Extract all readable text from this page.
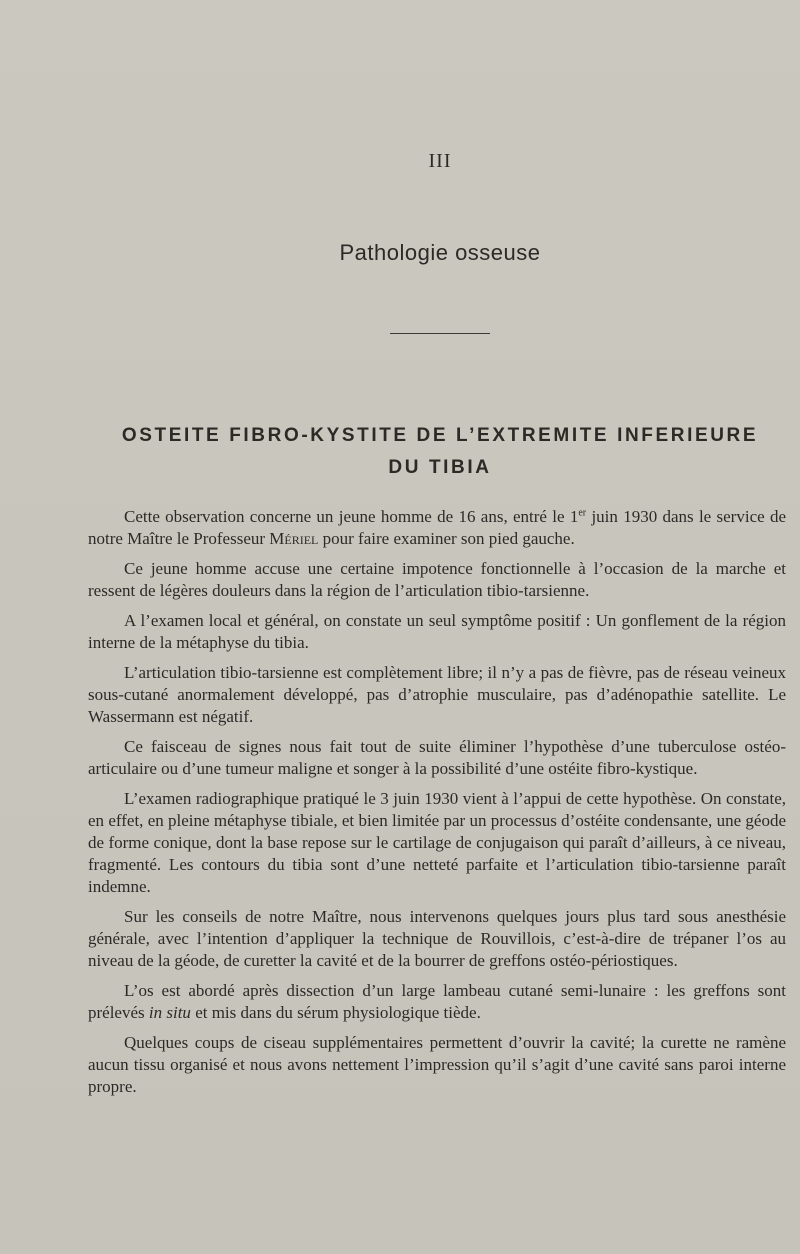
III
Pathologie osseuse
OSTEITE FIBRO-KYSTITE DE L’EXTREMITE INFERIEURE
DU TIBIA

Cette observation concerne un jeune homme de 16 ans, entré le 1er juin 1930 dans le service de notre Maître le Professeur Mériel pour faire examiner son pied gauche.

Ce jeune homme accuse une certaine impotence fonctionnelle à l’occasion de la marche et ressent de légères douleurs dans la région de l’articulation tibio-tarsienne.

A l’examen local et général, on constate un seul symptôme positif : Un gonflement de la région interne de la métaphyse du tibia.

L’articulation tibio-tarsienne est complètement libre; il n’y a pas de fièvre, pas de réseau veineux sous-cutané anormalement développé, pas d’atrophie musculaire, pas d’adénopathie satellite. Le Wassermann est négatif.

Ce faisceau de signes nous fait tout de suite éliminer l’hypothèse d’une tuberculose ostéo-articulaire ou d’une tumeur maligne et songer à la possibilité d’une ostéite fibro-kystique.

L’examen radiographique pratiqué le 3 juin 1930 vient à l’appui de cette hypothèse. On constate, en effet, en pleine métaphyse tibiale, et bien limitée par un processus d’ostéite condensante, une géode de forme conique, dont la base repose sur le cartilage de conjugaison qui paraît d’ailleurs, à ce niveau, fragmenté. Les contours du tibia sont d’une netteté parfaite et l’articulation tibio-tarsienne paraît indemne.

Sur les conseils de notre Maître, nous intervenons quelques jours plus tard sous anesthésie générale, avec l’intention d’appliquer la technique de Rouvillois, c’est-à-dire de trépaner l’os au niveau de la géode, de curetter la cavité et de la bourrer de greffons ostéo-périostiques.

L’os est abordé après dissection d’un large lambeau cutané semi-lunaire : les greffons sont prélevés in situ et mis dans du sérum physiologique tiède.

Quelques coups de ciseau supplémentaires permettent d’ouvrir la cavité; la curette ne ramène aucun tissu organisé et nous avons nettement l’impression qu’il s’agit d’une cavité sans paroi interne propre.
